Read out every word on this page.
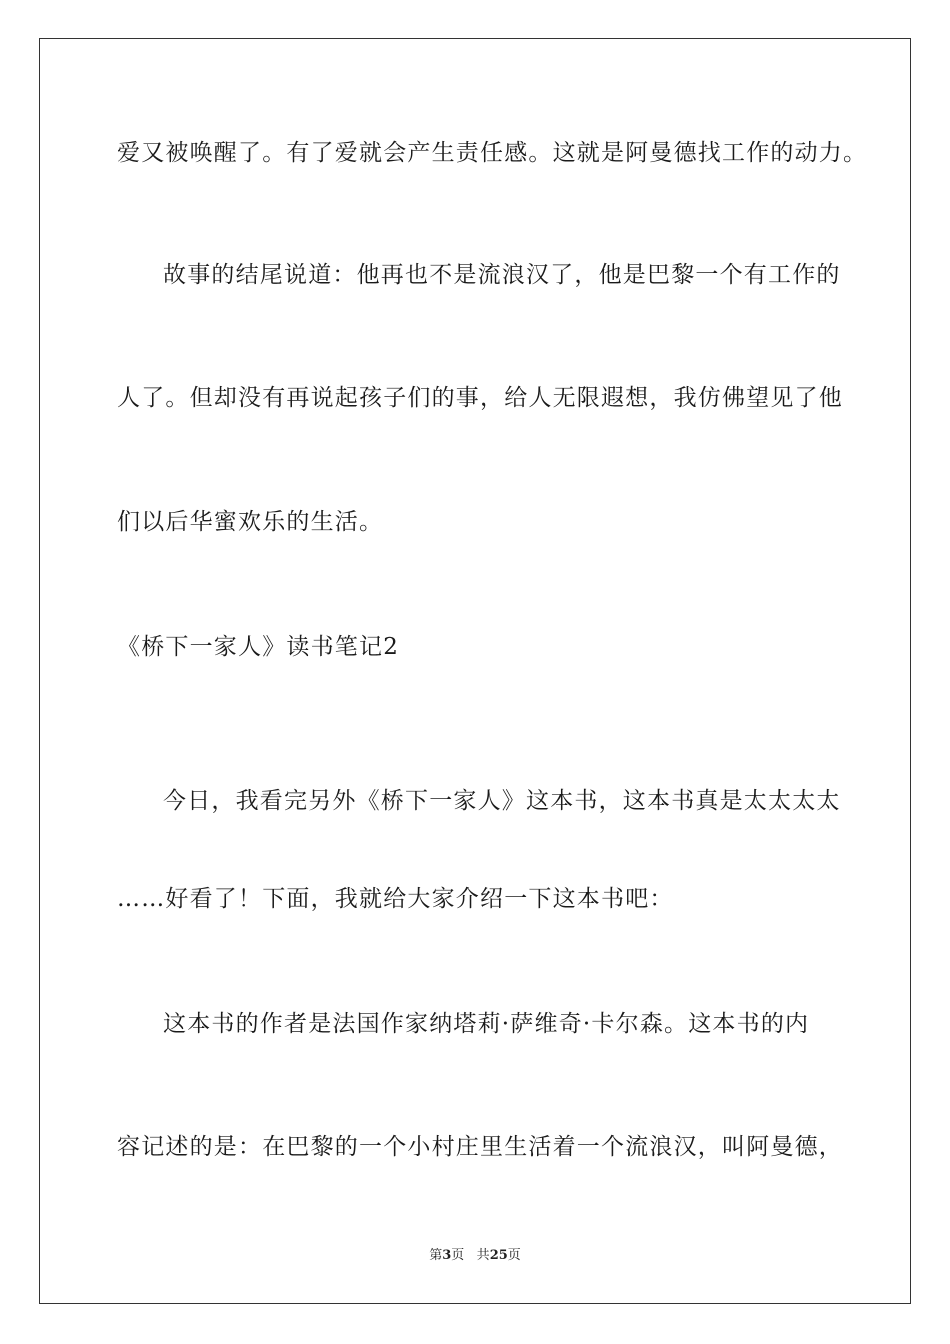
爱又被唤醒了。有了爱就会产生责任感。这就是阿曼德找工作的动力。
故事的结尾说道：他再也不是流浪汉了，他是巴黎一个有工作的
人了。但却没有再说起孩子们的事，给人无限遐想，我仿佛望见了他
们以后华蜜欢乐的生活。
《桥下一家人》读书笔记2
今日，我看完另外《桥下一家人》这本书，这本书真是太太太太
……好看了！下面，我就给大家介绍一下这本书吧：
这本书的作者是法国作家纳塔莉·萨维奇·卡尔森。这本书的内
容记述的是：在巴黎的一个小村庄里生活着一个流浪汉，叫阿曼德，
第3页 共25页
